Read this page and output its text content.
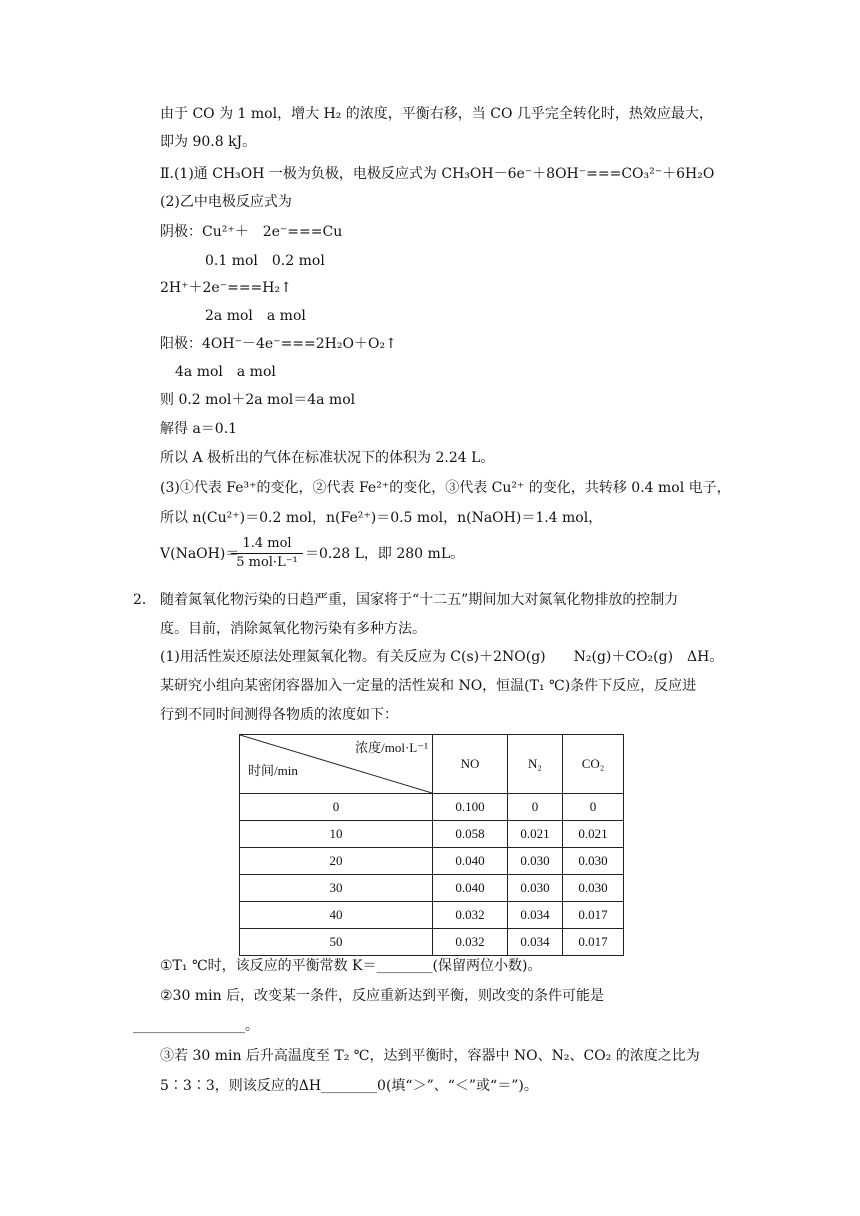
由于 CO 为 1 mol，增大 H₂ 的浓度，平衡右移，当 CO 几乎完全转化时，热效应最大，
即为 90.8 kJ。
Ⅱ.(1)通 CH₃OH 一极为负极，电极反应式为 CH₃OH－6e⁻＋8OH⁻===CO₃²⁻＋6H₂O
(2)乙中电极反应式为
阴极：Cu²⁺＋　2e⁻===Cu
0.1 mol　0.2 mol
2H⁺＋2e⁻===H₂↑
2a mol　a mol
阳极：4OH⁻－4e⁻===2H₂O＋O₂↑
4a mol　a mol
则 0.2 mol＋2a mol＝4a mol
解得 a＝0.1
所以 A 极析出的气体在标准状况下的体积为 2.24 L。
(3)①代表 Fe³⁺的变化，②代表 Fe²⁺的变化，③代表 Cu²⁺ 的变化，共转移 0.4 mol 电子，
所以 n(Cu²⁺)＝0.2 mol，n(Fe²⁺)＝0.5 mol，n(NaOH)＝1.4 mol，
V(NaOH)＝
1.4 mol
5 mol·L⁻¹
＝0.28 L，即 280 mL。
2． 随着氮氧化物污染的日趋严重，国家将于“十二五”期间加大对氮氧化物排放的控制力
度。目前，消除氮氧化物污染有多种方法。
(1)用活性炭还原法处理氮氧化物。有关反应为 C(s)＋2NO(g)　　N₂(g)＋CO₂(g)　ΔH。
某研究小组向某密闭容器加入一定量的活性炭和 NO，恒温(T₁ ℃)条件下反应，反应进
行到不同时间测得各物质的浓度如下：
浓度/mol·L⁻¹
时间/min	NO	N₂	CO₂
0	0.100	0	0
10	0.058	0.021	0.021
20	0.040	0.030	0.030
30	0.040	0.030	0.030
40	0.032	0.034	0.017
50	0.032	0.034	0.017
①T₁ ℃时，该反应的平衡常数 K＝________(保留两位小数)。
②30 min 后，改变某一条件，反应重新达到平衡，则改变的条件可能是
________________。
③若 30 min 后升高温度至 T₂ ℃，达到平衡时，容器中 NO、N₂、CO₂ 的浓度之比为
5∶3∶3，则该反应的ΔH________0(填“＞”、“＜”或“＝”)。
